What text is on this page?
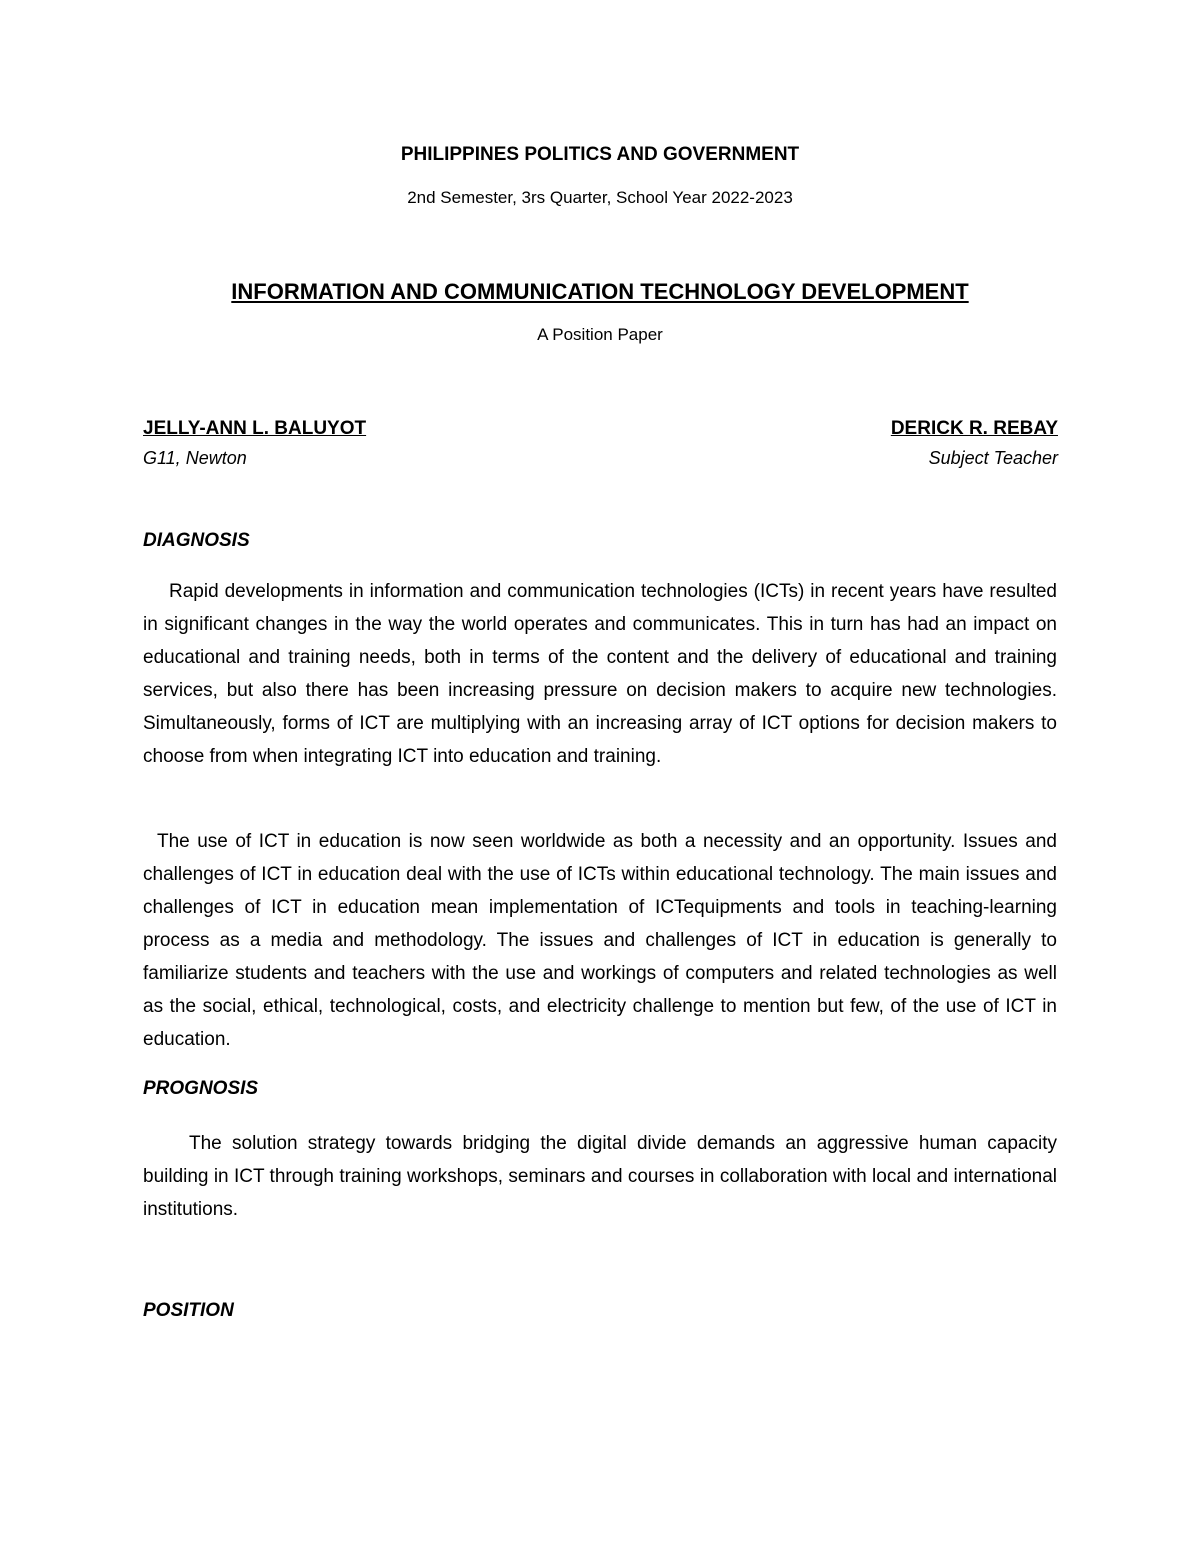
PHILIPPINES POLITICS AND GOVERNMENT
2nd Semester, 3rs Quarter, School Year 2022-2023
INFORMATION AND COMMUNICATION TECHNOLOGY DEVELOPMENT
A Position Paper
JELLY-ANN L. BALUYOT
G11, Newton
DERICK R. REBAY
Subject Teacher
DIAGNOSIS

Rapid developments in information and communication technologies (ICTs) in recent years have resulted in significant changes in the way the world operates and communicates. This in turn has had an impact on educational and training needs, both in terms of the content and the delivery of educational and training services, but also there has been increasing pressure on decision makers to acquire new technologies. Simultaneously, forms of ICT are multiplying with an increasing array of ICT options for decision makers to choose from when integrating ICT into education and training.

The use of ICT in education is now seen worldwide as both a necessity and an opportunity. Issues and challenges of ICT in education deal with the use of ICTs within educational technology. The main issues and challenges of ICT in education mean implementation of ICTequipments and tools in teaching-learning process as a media and methodology. The issues and challenges of ICT in education is generally to familiarize students and teachers with the use and workings of computers and related technologies as well as the social, ethical, technological, costs, and electricity challenge to mention but few, of the use of ICT in education.

PROGNOSIS

The solution strategy towards bridging the digital divide demands an aggressive human capacity building in ICT through training workshops, seminars and courses in collaboration with local and international institutions.

POSITION
